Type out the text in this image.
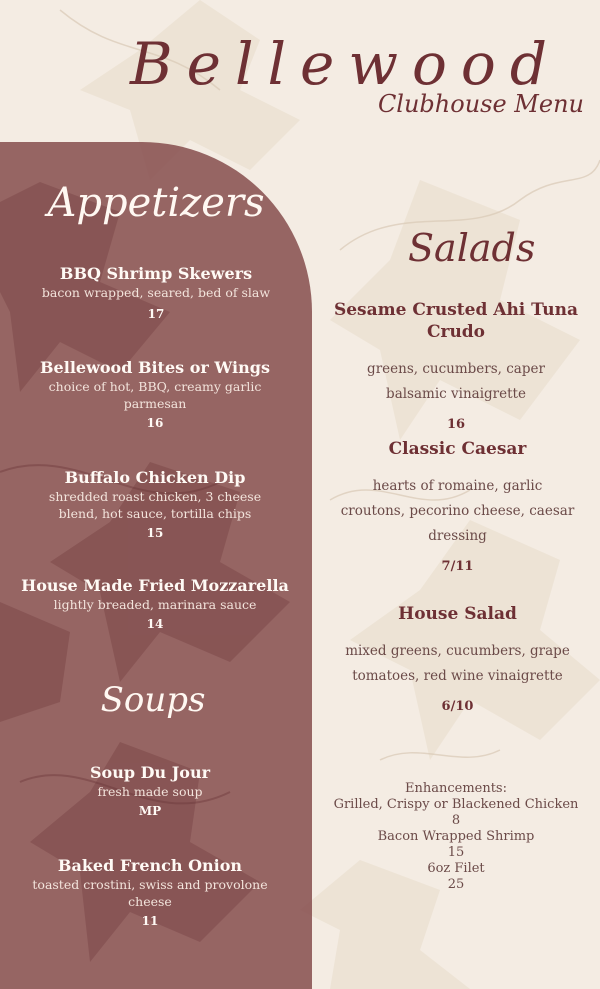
Bellewood
Clubhouse Menu
Appetizers
BBQ Shrimp Skewers
bacon wrapped, seared, bed of slaw
17
Bellewood Bites or Wings
choice of hot, BBQ, creamy garlic parmesan
16
Buffalo Chicken Dip
shredded roast chicken, 3 cheese blend, hot sauce, tortilla chips
15
House Made Fried Mozzarella
lightly breaded, marinara sauce
14
Soups
Soup Du Jour
fresh made soup
MP
Baked French Onion
toasted crostini, swiss and provolone cheese
11
Salads
Sesame Crusted Ahi Tuna Crudo
greens, cucumbers, caper balsamic vinaigrette
16
Classic Caesar
hearts of romaine, garlic croutons, pecorino cheese, caesar dressing
7/11
House Salad
mixed greens, cucumbers, grape tomatoes, red wine vinaigrette
6/10
Enhancements:
Grilled, Crispy or Blackened Chicken
8
Bacon Wrapped Shrimp
15
6oz Filet
25
